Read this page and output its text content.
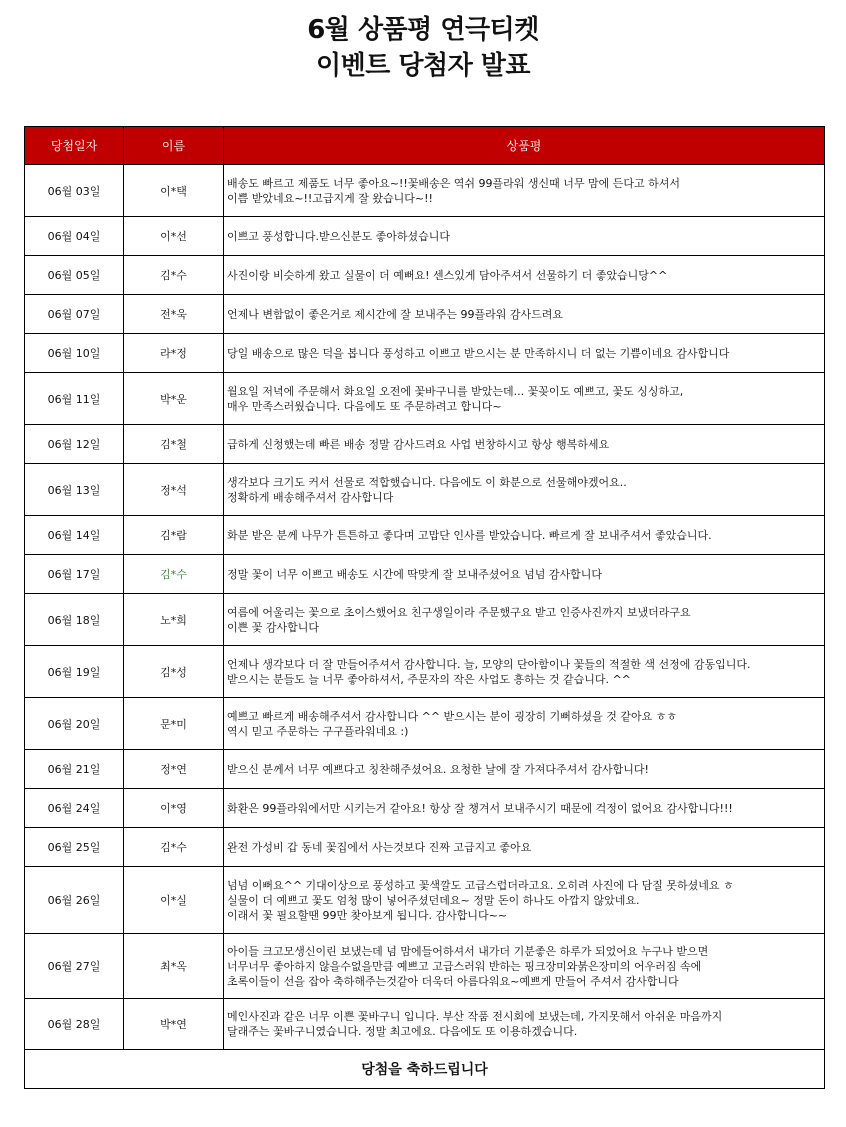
6월 상품평 연극티켓
이벤트 당첨자 발표
당첨일자	이름	상품평
06월 03일	이*택	배송도 빠르고 제품도 너무 좋아요~!!꽃배송은 역쉬 99플라워 생신때 너무 맘에 든다고 하셔서
이쁨 받았네요~!!고급지게 잘 왔습니다~!!

06월 04일	이*선	이쁘고 풍성합니다.받으신분도 좋아하셨습니다

06월 05일	김*수	사진이랑 비슷하게 왔고 실물이 더 예뻐요! 센스있게 담아주셔서 선물하기 더 좋았습니당^^

06월 07일	전*욱	언제나 변함없이 좋은거로 제시간에 잘 보내주는 99플라워 감사드려요

06월 10일	라*정	당일 배송으로 많은 덕을 봅니다 풍성하고 이쁘고 받으시는 분 만족하시니 더 없는 기쁨이네요 감사합니다

06월 11일	박*운	월요일 저녁에 주문해서 화요일 오전에 꽃바구니를 받았는데... 꽃꽂이도 예쁘고, 꽃도 싱싱하고,
매우 만족스러웠습니다. 다음에도 또 주문하려고 합니다~

06월 12일	김*철	급하게 신청했는데 빠른 배송 정말 감사드려요 사업 번창하시고 항상 행복하세요

06월 13일	정*석	생각보다 크기도 커서 선물로 적합했습니다. 다음에도 이 화분으로 선물해야겠어요..
정확하게 배송해주셔서 감사합니다

06월 14일	김*람	화분 받은 분께 나무가 튼튼하고 좋다며 고맙단 인사를 받았습니다. 빠르게 잘 보내주셔서 좋았습니다.

06월 17일	김*수	정말 꽃이 너무 이쁘고 배송도 시간에 딱맞게 잘 보내주셨어요 넘넘 감사합니다

06월 18일	노*희	여름에 어울리는 꽃으로 초이스했어요 친구생일이라 주문했구요 받고 인증사진까지 보냈더라구요
이쁜 꽃 감사합니다

06월 19일	김*성	언제나 생각보다 더 잘 만들어주셔서 감사합니다. 늘, 모양의 단아함이나 꽃들의 적절한 색 선정에 감동입니다.
받으시는 분들도 늘 너무 좋아하셔서, 주문자의 작은 사업도 흥하는 것 같습니다. ^^

06월 20일	문*미	예쁘고 빠르게 배송해주셔서 감사합니다 ^^ 받으시는 분이 굉장히 기뻐하셨을 것 같아요 ㅎㅎ
역시 믿고 주문하는 구구플라워네요 :)

06월 21일	정*연	받으신 분께서 너무 예쁘다고 칭찬해주셨어요. 요청한 날에 잘 가져다주셔서 감사합니다!

06월 24일	이*영	화환은 99플라워에서만 시키는거 같아요! 항상 잘 챙겨서 보내주시기 때문에 걱정이 없어요 감사합니다!!!

06월 25일	김*수	완전 가성비 갑 동네 꽃집에서 사는것보다 진짜 고급지고 좋아요

06월 26일	이*실	넘넘 이뻐요^^ 기대이상으로 풍성하고 꽃색깔도 고급스럽더라고요. 오히려 사진에 다 담질 못하셨네요 ㅎ
실물이 더 예쁘고 꽃도 엄청 많이 넣어주셨던데요~ 정말 돈이 하나도 아깝지 않았네요.
이래서 꽃 필요할땐 99만 찾아보게 됩니다. 감사합니다~~

06월 27일	최*옥	아이들 크고모생신이린 보냈는데 넘 맘에들어하셔서 내가더 기분좋은 하루가 되었어요 누구나 받으면
너무너무 좋아하지 않을수없을만큼 예쁘고 고급스러워 반하는 핑크장미와붉은장미의 어우러짐 속에
초록이들이 선을 잡아 축하해주는것같아 더욱더 아름다워요~예쁘게 만들어 주셔서 감사합니다

06월 28일	박*연	메인사진과 같은 너무 이쁜 꽃바구니 입니다. 부산 작품 전시회에 보냈는데, 가지못해서 아쉬운 마음까지
달래주는 꽃바구니였습니다. 정말 최고에요. 다음에도 또 이용하겠습니다.

당첨을 축하드립니다		
